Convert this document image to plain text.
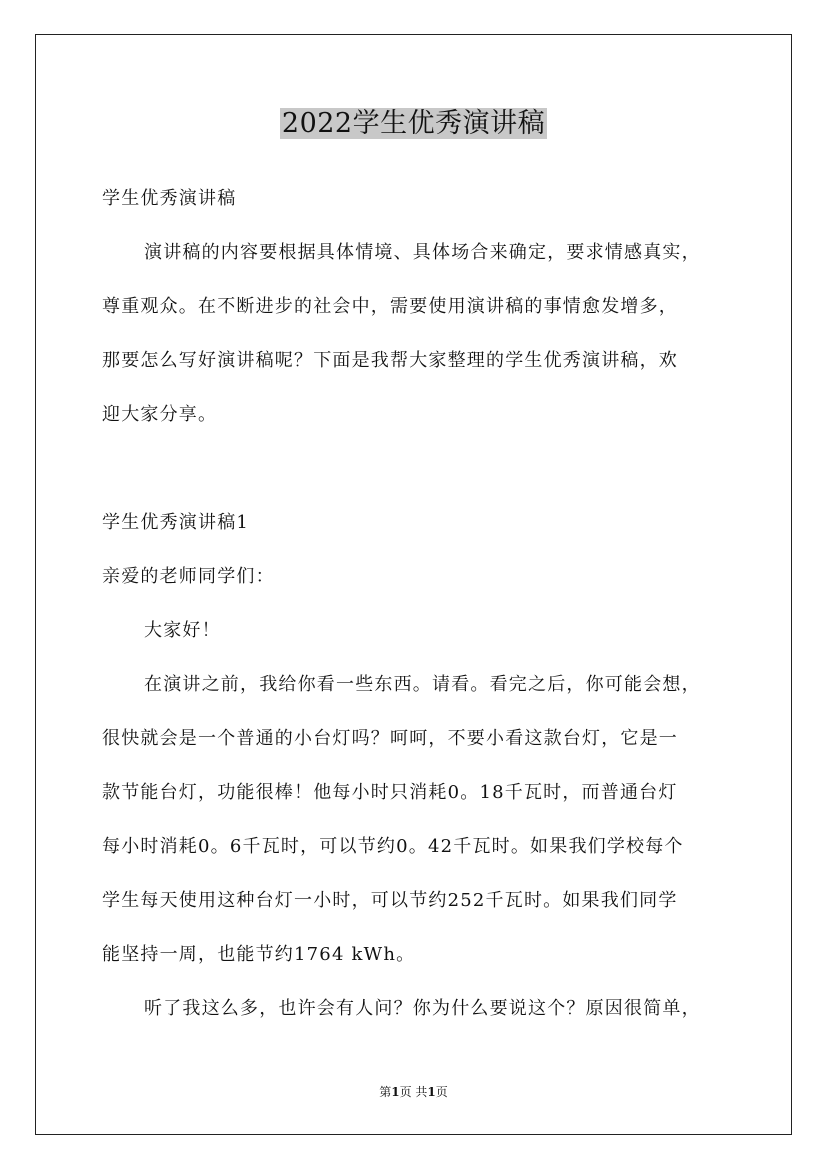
2022学生优秀演讲稿

学生优秀演讲稿

演讲稿的内容要根据具体情境、具体场合来确定，要求情感真实，

尊重观众。在不断进步的社会中，需要使用演讲稿的事情愈发增多，

那要怎么写好演讲稿呢？下面是我帮大家整理的学生优秀演讲稿，欢

迎大家分享。

学生优秀演讲稿1

亲爱的老师同学们：

大家好！

在演讲之前，我给你看一些东西。请看。看完之后，你可能会想，

很快就会是一个普通的小台灯吗？呵呵，不要小看这款台灯，它是一

款节能台灯，功能很棒！他每小时只消耗0。18千瓦时，而普通台灯

每小时消耗0。6千瓦时，可以节约0。42千瓦时。如果我们学校每个

学生每天使用这种台灯一小时，可以节约252千瓦时。如果我们同学

能坚持一周，也能节约1764 kWh。

听了我这么多，也许会有人问？你为什么要说这个？原因很简单，

第1页 共1页
